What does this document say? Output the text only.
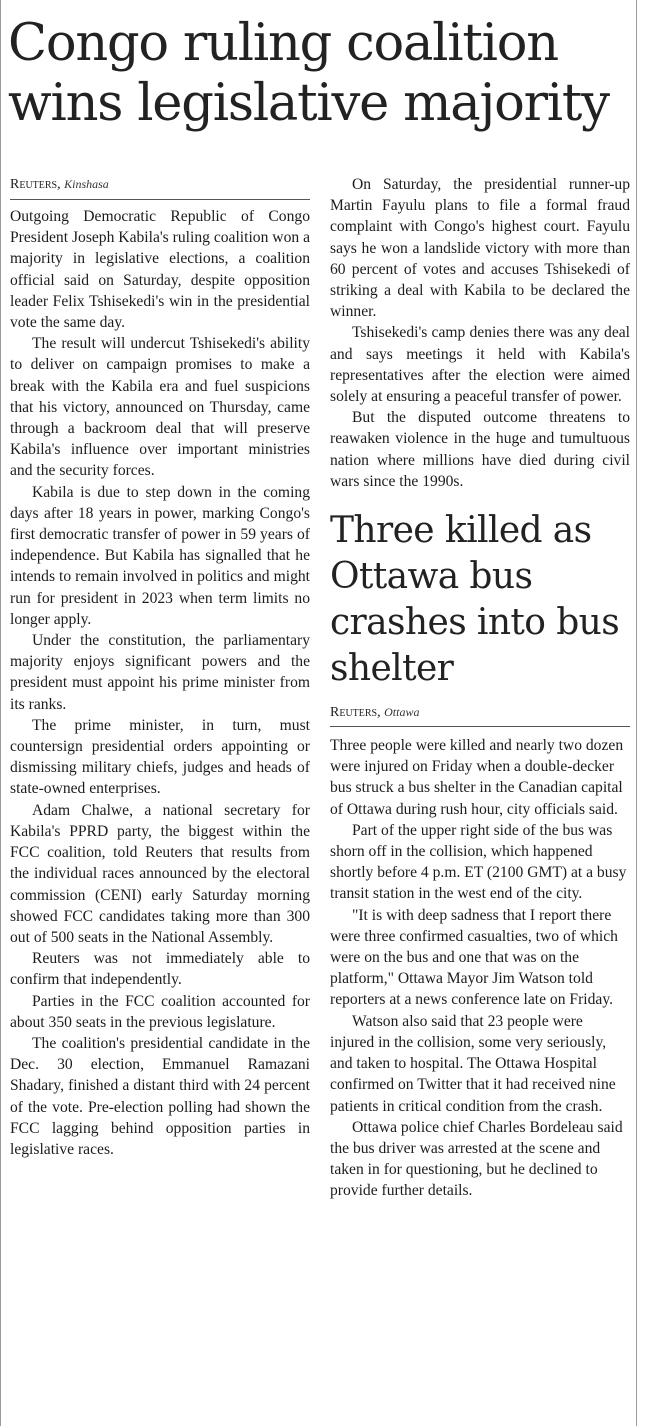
Congo ruling coalition wins legislative majority

Reuters, Kinshasa

Outgoing Democratic Republic of Congo President Joseph Kabila's ruling coalition won a majority in legislative elections, a coalition official said on Saturday, despite opposition leader Felix Tshisekedi's win in the presidential vote the same day.

The result will undercut Tshisekedi's ability to deliver on campaign promises to make a break with the Kabila era and fuel suspicions that his victory, announced on Thursday, came through a backroom deal that will preserve Kabila's influence over important ministries and the security forces.

Kabila is due to step down in the coming days after 18 years in power, marking Congo's first democratic transfer of power in 59 years of independence. But Kabila has signalled that he intends to remain involved in politics and might run for president in 2023 when term limits no longer apply.

Under the constitution, the parliamentary majority enjoys significant powers and the president must appoint his prime minister from its ranks.

The prime minister, in turn, must countersign presidential orders appointing or dismissing military chiefs, judges and heads of state-owned enterprises.

Adam Chalwe, a national secretary for Kabila's PPRD party, the biggest within the FCC coalition, told Reuters that results from the individual races announced by the electoral commission (CENI) early Saturday morning showed FCC candidates taking more than 300 out of 500 seats in the National Assembly.

Reuters was not immediately able to confirm that independently.

Parties in the FCC coalition accounted for about 350 seats in the previous legislature.

The coalition's presidential candidate in the Dec. 30 election, Emmanuel Ramazani Shadary, finished a distant third with 24 percent of the vote. Pre-election polling had shown the FCC lagging behind opposition parties in legislative races.

On Saturday, the presidential runner-up Martin Fayulu plans to file a formal fraud complaint with Congo's highest court. Fayulu says he won a landslide victory with more than 60 percent of votes and accuses Tshisekedi of striking a deal with Kabila to be declared the winner.

Tshisekedi's camp denies there was any deal and says meetings it held with Kabila's representatives after the election were aimed solely at ensuring a peaceful transfer of power.

But the disputed outcome threatens to reawaken violence in the huge and tumultuous nation where millions have died during civil wars since the 1990s.

Three killed as Ottawa bus crashes into bus shelter

Reuters, Ottawa

Three people were killed and nearly two dozen were injured on Friday when a double-decker bus struck a bus shelter in the Canadian capital of Ottawa during rush hour, city officials said.

Part of the upper right side of the bus was shorn off in the collision, which happened shortly before 4 p.m. ET (2100 GMT) at a busy transit station in the west end of the city.

"It is with deep sadness that I report there were three confirmed casualties, two of which were on the bus and one that was on the platform," Ottawa Mayor Jim Watson told reporters at a news conference late on Friday.

Watson also said that 23 people were injured in the collision, some very seriously, and taken to hospital. The Ottawa Hospital confirmed on Twitter that it had received nine patients in critical condition from the crash.

Ottawa police chief Charles Bordeleau said the bus driver was arrested at the scene and taken in for questioning, but he declined to provide further details.
